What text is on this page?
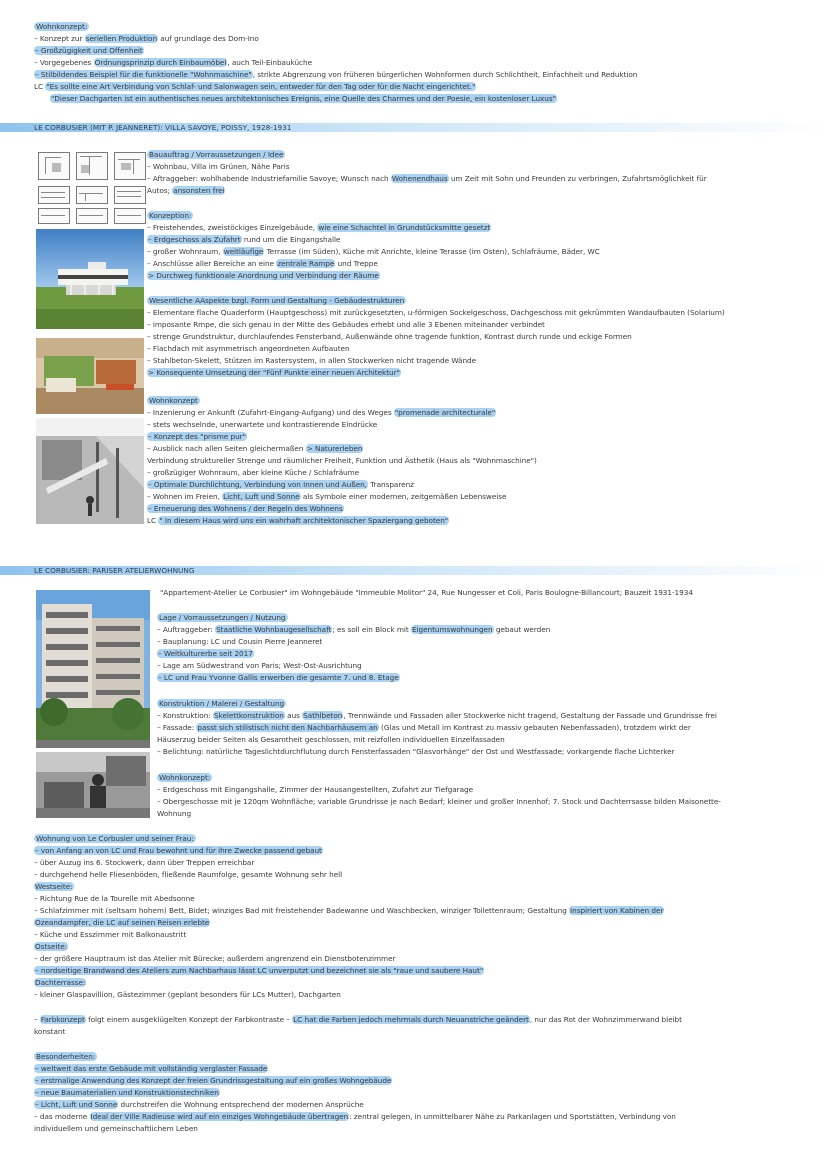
Wohnkonzept:
– Konzept zur seriellen Produktion auf grundlage des Dom-Ino
– Großzügigkeit und Offenheit
– Vorgegebenes Ordnungsprinzip durch Einbaumöbel, auch Teil-Einbauküche
– Stilbildendes Beispiel für die funktionelle "Wohnmaschine", strikte Abgrenzung von früheren bürgerlichen Wohnformen durch Schlichtheit, Einfachheit und Reduktion
LC "Es sollte eine Art Verbindung von Schlaf- und Salonwagen sein, entweder für den Tag oder für die Nacht eingerichtet."
"Dieser Dachgarten ist ein authentisches neues architektonisches Ereignis, eine Quelle des Charmes und der Poesie, ein kostenloser Luxus"
LE CORBUSIER (MIT P. JEANNERET): VILLA SAVOYE, POISSY, 1928-1931
Bauauftrag / Vorraussetzungen / Idee
– Wohnbau, Villa im Grünen, Nähe Paris
– Aftraggeber: wohlhabende Industriefamilie Savoye; Wunsch nach Wohenendhaus um Zeit mit Sohn und Freunden zu verbringen, Zufahrtsmöglichkeit für
Autos; ansonsten frei
Konzeption:
– Freistehendes, zweistöckiges Einzelgebäude, wie eine Schachtel in Grundstücksmitte gesetzt
– Erdgeschoss als Zufahrt rund um die Eingangshalle
– großer Wohnraum, weitläufige Terrasse (im Süden), Küche mit Anrichte, kleine Terasse (im Osten), Schlafräume, Bäder, WC
– Anschlüsse aller Bereiche an eine zentrale Rampe und Treppe
> Durchweg funktionale Anordnung und Verbindung der Räume
Wesentliche AAspekte bzgl. Form und Gestaltung - Gebäudestrukturen
– Elementare flache Quaderform (Hauptgeschoss) mit zurückgesetzten, u-förmigen Sockelgeschoss, Dachgeschoss mit gekrümmten Wandaufbauten (Solarium)
– imposante Rmpe, die sich genau in der Mitte des Gebäudes erhebt und alle 3 Ebenen miteinander verbindet
– strenge Grundstruktur, durchlaufendes Fensterband, Außenwände ohne tragende funktion, Kontrast durch runde und eckige Formen
– Flachdach mit asymmetrisch angeordneten Aufbauten
– Stahlbeton-Skelett, Stützen im Rastersystem, in allen Stockwerken nicht tragende Wände
> Konsequente Umsetzung der "Fünf Punkte einer neuen Architektur"
Wohnkonzept
– Inzenierung er Ankunft (Zufahrt-Eingang-Aufgang) und des Weges "promenade architecturale"
– stets wechselnde, unerwartete und kontrastierende Eindrücke
– Konzept des "prisme pur"
– Ausblick nach allen Seiten gleichermaßen > Naturerleben
Verbindung struktureller Strenge und räumlicher Freiheit, Funktion und Ästhetik (Haus als "Wohnmaschine")
– großzügiger Wohnraum, aber kleine Küche / Schlafräume
– Optimale Durchlichtung, Verbindung von Innen und Außen, Transparenz
– Wohnen im Freien, Licht, Luft und Sonne als Symbole einer modernen, zeitgemäßen Lebensweise
– Erneuerung des Wohnens / der Regeln des Wohnens
LC " In diesem Haus wird uns ein wahrhaft architektonischer Spaziergang geboten"
LE CORBUSIER: PARISER ATELIERWOHNUNG
"Appartement-Atelier Le Corbusier" im Wohngebäude "Immeuble Molitor" 24, Rue Nungesser et Coli, Paris Boulogne-Billancourt; Bauzeit 1931-1934
Lage / Vorraussetzungen / Nutzung
– Auftraggeber: Staatliche Wohnbaugesellschaft; es soll ein Block mit Eigentumswohnungen gebaut werden
– Bauplanung: LC und Cousin Pierre Jeanneret
– Weltkulturerbe seit 2017
– Lage am Südwestrand von Paris; West-Ost-Ausrichtung
– LC und Frau Yvonne Gallis erwerben die gesamte 7. und 8. Etage
Konstruktion / Malerei / Gestaltung
– Konstruktion: Skelettkonstruktion aus Sathlbeton, Trennwände und Fassaden aller Stockwerke nicht tragend, Gestaltung der Fassade und Grundrisse frei
– Fassade: passt sich stilistisch nicht den Nachbarhäusern an (Glas und Metall im Kontrast zu massiv gebauten Nebenfassaden), trotzdem wirkt der
Häuserzug beider Seiten als Gesamtheit geschlossen, mit reizfollen individuellen Einzelfassaden
– Belichtung: natürliche Tageslichtdurchflutung durch Fensterfassaden "Glasvorhänge" der Ost und Westfassade; vorkargende flache Lichterker
Wohnkonzept:
– Erdgeschoss mit Eingangshalle, Zimmer der Hausangestellten, Zufahrt zur Tiefgarage
– Obergeschosse mit je 120qm Wohnfläche; variable Grundrisse je nach Bedarf; kleiner und großer Innenhof; 7. Stock und Dachterrsasse bilden Maisonette-
Wohnung
Wohnung von Le Corbusier und seiner Frau:
– von Anfang an von LC und Frau bewohnt und für ihre Zwecke passend gebaut
– über Auzug ins 6. Stockwerk, dann über Treppen erreichbar
– durchgehend helle Fliesenböden, fließende Raumfolge, gesamte Wohnung sehr hell
Westseite:
– Richtung Rue de la Tourelle mit Abedsonne
– Schlafzimmer mit (seltsam hohem) Bett, Bidet; winziges Bad mit freistehender Badewanne und Waschbecken, winziger Toilettenraum; Gestaltung inspiriert von Kabinen der
Ozeandampfer, die LC auf seinen Reisen erlebte
– Küche und Esszimmer mit Balkonaustritt
Ostseite:
– der größere Hauptraum ist das Atelier mit Bürecke; außerdem angrenzend ein Dienstbotenzimmer
– nordseitige Brandwand des Ateliers zum Nachbarhaus lässt LC unverputzt und bezeichnet sie als "raue und saubere Haut"
Dachterrasse:
– kleiner Glaspavillion, Gästezimmer (geplant besonders für LCs Mutter), Dachgarten
– Farbkonzept folgt einem ausgeklügelten Konzept der Farbkontraste – LC hat die Farben jedoch mehrmals durch Neuanstriche geändert, nur das Rot der Wohnzimmerwand bleibt
konstant
Besonderheiten:
– weltweit das erste Gebäude mit vollständig verglaster Fassade
– erstmalige Anwendung des Konzept der freien Grundrissgestaltung auf ein großes Wohngebäude
– neue Baumaterialien und Konstruktionstechniken
– Licht, Luft und Sonne durchstreifen die Wohnung entsprechend der modernen Ansprüche
– das moderne Ideal der Ville Radieuse wird auf ein einziges Wohngebäude übertragen: zentral gelegen, in unmittelbarer Nähe zu Parkanlagen und Sportstätten, Verbindung von
individuellem und gemeinschaftlichem Leben
